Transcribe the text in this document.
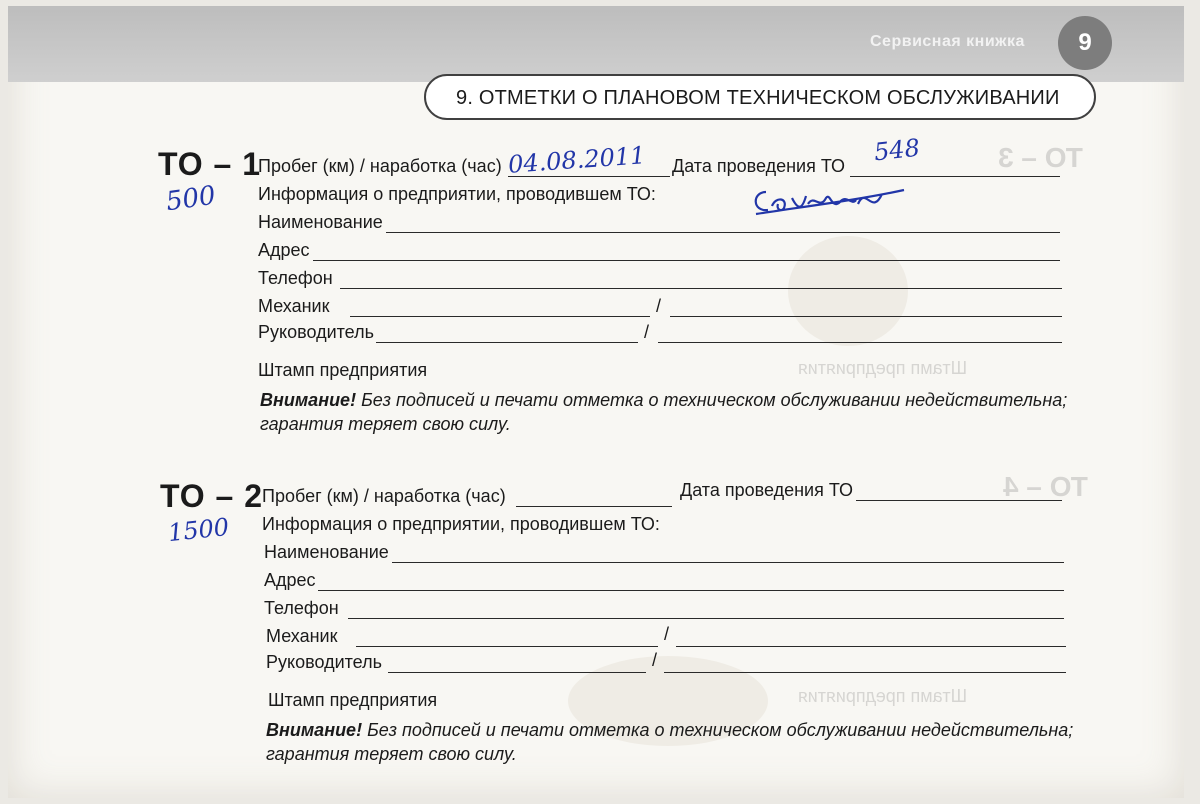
Сервисная книжка	9
9. ОТМЕТКИ О ПЛАНОВОМ ТЕХНИЧЕСКОМ ОБСЛУЖИВАНИИ
ТО – 3
ТО – 4
Штамп предприятия
Штамп предприятия
ТО – 1
500
Пробег (км) / наработка (час) 04.08.2011 Дата проведения ТО 548
Информация о предприятии, проводившем ТО:
Наименование
Адрес
Телефон
Механик	/
Руководитель	/
Штамп предприятия
Внимание! Без подписей и печати отметка о техническом обслуживании недействительна;
гарантия теряет свою силу.
ТО – 2
1500
Пробег (км) / наработка (час)	Дата проведения ТО
Информация о предприятии, проводившем ТО:
Наименование
Адрес
Телефон
Механик	/
Руководитель	/
Штамп предприятия
Внимание! Без подписей и печати отметка о техническом обслуживании недействительна;
гарантия теряет свою силу.
